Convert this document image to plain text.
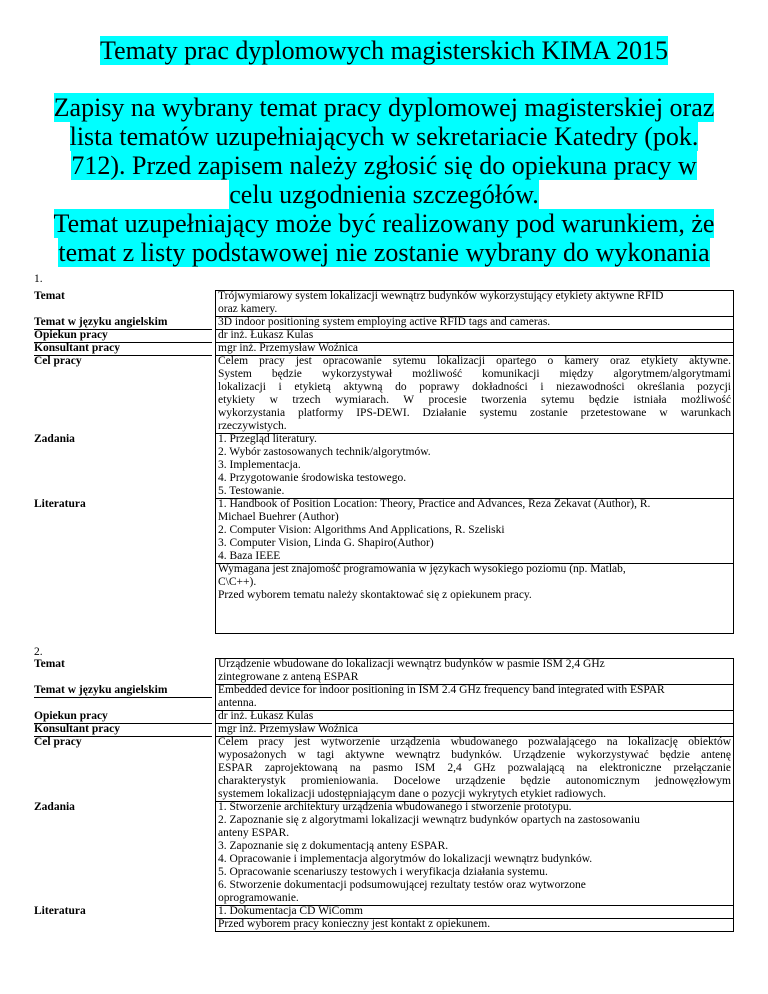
Tematy prac dyplomowych magisterskich KIMA 2015
Zapisy na wybrany temat pracy dyplomowej magisterskiej oraz
lista tematów uzupełniających w sekretariacie Katedry (pok.
712). Przed zapisem należy zgłosić się do opiekuna pracy w
celu uzgodnienia szczegółów.
Temat uzupełniający może być realizowany pod warunkiem, że
temat z listy podstawowej nie zostanie wybrany do wykonania
1.
Temat	Trójwymiarowy system lokalizacji wewnątrz budynków wykorzystujący etykiety aktywne RFID
oraz kamery.
Temat w języku angielskim	3D indoor positioning system employing active RFID tags and cameras.
Opiekun pracy	dr inż. Łukasz Kulas
Konsultant pracy	mgr inż. Przemysław Woźnica
Cel pracy	Celem pracy jest opracowanie sytemu lokalizacji opartego o kamery oraz etykiety aktywne.
System będzie wykorzystywał możliwość komunikacji między algorytmem/algorytmami
lokalizacji i etykietą aktywną do poprawy dokładności i niezawodności określania pozycji
etykiety w trzech wymiarach. W procesie tworzenia sytemu będzie istniała możliwość
wykorzystania platformy IPS-DEWI. Działanie systemu zostanie przetestowane w warunkach
rzeczywistych.
Zadania	1. Przegląd literatury.
2. Wybór zastosowanych technik/algorytmów.
3. Implementacja.
4. Przygotowanie środowiska testowego.
5. Testowanie.
Literatura	1. Handbook of Position Location: Theory, Practice and Advances, Reza Zekavat (Author), R.
Michael Buehrer (Author)
2. Computer Vision: Algorithms And Applications, R. Szeliski
3. Computer Vision, Linda G. Shapiro(Author)
4. Baza IEEE
Wymagana jest znajomość programowania w językach wysokiego poziomu (np. Matlab,
C\C++).
Przed wyborem tematu należy skontaktować się z opiekunem pracy.
2.
Temat	Urządzenie wbudowane do lokalizacji wewnątrz budynków w pasmie ISM 2,4 GHz
zintegrowane z anteną ESPAR
Temat w języku angielskim	Embedded device for indoor positioning in ISM 2.4 GHz frequency band integrated with ESPAR
antenna.
Opiekun pracy	dr inż. Łukasz Kulas
Konsultant pracy	mgr inż. Przemysław Woźnica
Cel pracy	Celem pracy jest wytworzenie urządzenia wbudowanego pozwalającego na lokalizację obiektów
wyposażonych w tagi aktywne wewnątrz budynków. Urządzenie wykorzystywać będzie antenę
ESPAR zaprojektowaną na pasmo ISM 2,4 GHz pozwalającą na elektroniczne przełączanie
charakterystyk promieniowania. Docelowe urządzenie będzie autonomicznym jednowęzłowym
systemem lokalizacji udostępniającym dane o pozycji wykrytych etykiet radiowych.
Zadania	1. Stworzenie architektury urządzenia wbudowanego i stworzenie prototypu.
2. Zapoznanie się z algorytmami lokalizacji wewnątrz budynków opartych na zastosowaniu
anteny ESPAR.
3. Zapoznanie się z dokumentacją anteny ESPAR.
4. Opracowanie i implementacja algorytmów do lokalizacji wewnątrz budynków.
5. Opracowanie scenariuszy testowych i weryfikacja działania systemu.
6. Stworzenie dokumentacji podsumowującej rezultaty testów oraz wytworzone
oprogramowanie.
Literatura	1. Dokumentacja CD WiComm
Przed wyborem pracy konieczny jest kontakt z opiekunem.
